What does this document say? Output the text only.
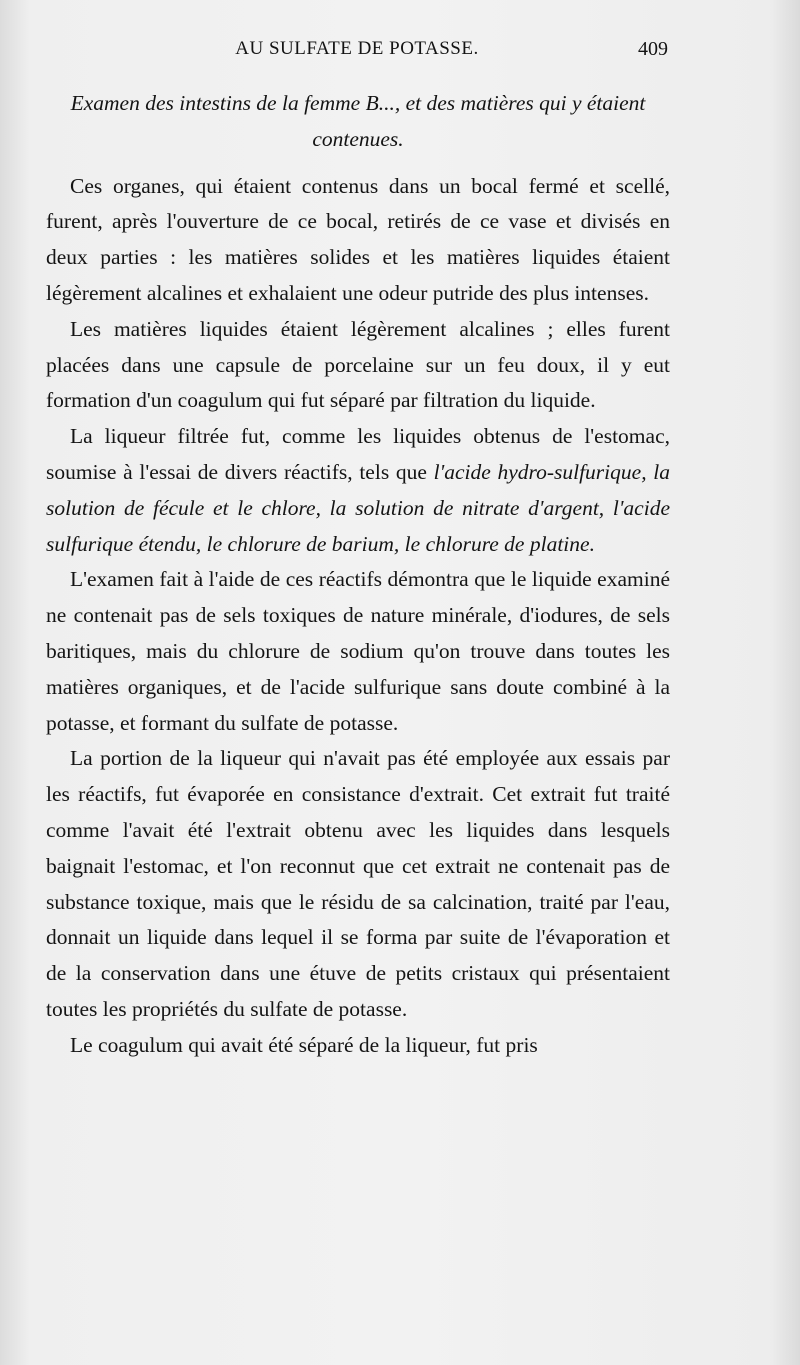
AU SULFATE DE POTASSE.	409

Examen des intestins de la femme B..., et des matières qui y étaient contenues.

Ces organes, qui étaient contenus dans un bocal fermé et scellé, furent, après l'ouverture de ce bocal, retirés de ce vase et divisés en deux parties : les matières solides et les matières liquides étaient légèrement alcalines et exhalaient une odeur putride des plus intenses.

Les matières liquides étaient légèrement alcalines ; elles furent placées dans une capsule de porcelaine sur un feu doux, il y eut formation d'un coagulum qui fut séparé par filtration du liquide.

La liqueur filtrée fut, comme les liquides obtenus de l'estomac, soumise à l'essai de divers réactifs, tels que l'acide hydro-sulfurique, la solution de fécule et le chlore, la solution de nitrate d'argent, l'acide sulfurique étendu, le chlorure de barium, le chlorure de platine.

L'examen fait à l'aide de ces réactifs démontra que le liquide examiné ne contenait pas de sels toxiques de nature minérale, d'iodures, de sels baritiques, mais du chlorure de sodium qu'on trouve dans toutes les matières organiques, et de l'acide sulfurique sans doute combiné à la potasse, et formant du sulfate de potasse.

La portion de la liqueur qui n'avait pas été employée aux essais par les réactifs, fut évaporée en consistance d'extrait. Cet extrait fut traité comme l'avait été l'extrait obtenu avec les liquides dans lesquels baignait l'estomac, et l'on reconnut que cet extrait ne contenait pas de substance toxique, mais que le résidu de sa calcination, traité par l'eau, donnait un liquide dans lequel il se forma par suite de l'évaporation et de la conservation dans une étuve de petits cristaux qui présentaient toutes les propriétés du sulfate de potasse.

Le coagulum qui avait été séparé de la liqueur, fut pris
